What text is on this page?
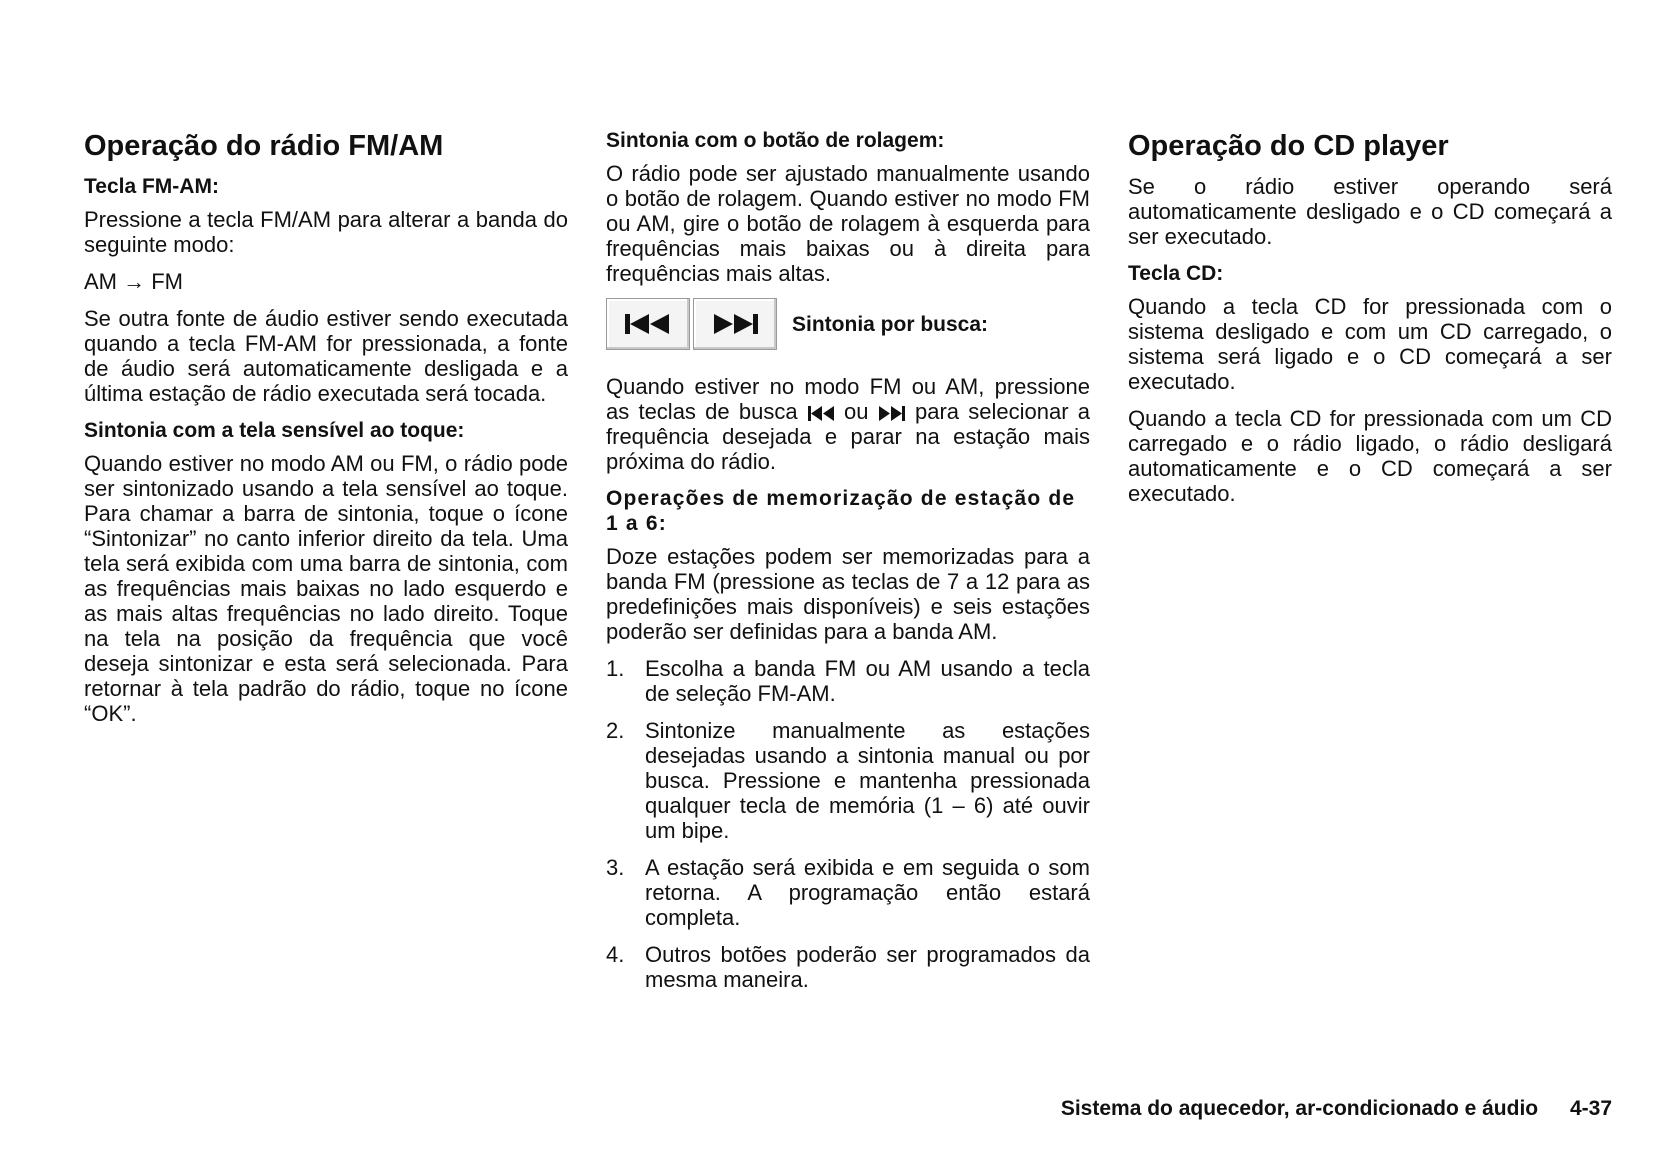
Operação do rádio FM/AM
Tecla FM-AM:

Pressione a tecla FM/AM para alterar a banda do seguinte modo:

AM → FM

Se outra fonte de áudio estiver sendo executada quando a tecla FM-AM for pressionada, a fonte de áudio será automaticamente desligada e a última estação de rádio executada será tocada.

Sintonia com a tela sensível ao toque:

Quando estiver no modo AM ou FM, o rádio pode ser sintonizado usando a tela sensível ao toque. Para chamar a barra de sintonia, toque o ícone “Sintonizar” no canto inferior direito da tela. Uma tela será exibida com uma barra de sintonia, com as frequências mais baixas no lado esquerdo e as mais altas frequências no lado direito. Toque na tela na posição da frequência que você deseja sintonizar e esta será selecionada. Para retornar à tela padrão do rádio, toque no ícone “OK”.

Sintonia com o botão de rolagem:

O rádio pode ser ajustado manualmente usando o botão de rolagem. Quando estiver no modo FM ou AM, gire o botão de rolagem à esquerda para frequências mais baixas ou à direita para frequências mais altas.

Sintonia por busca:

Quando estiver no modo FM ou AM, pressione as teclas de busca ou para selecionar a frequência desejada e parar na estação mais próxima do rádio.

Operações de memorização de estação de 1 a 6:

Doze estações podem ser memorizadas para a banda FM (pressione as teclas de 7 a 12 para as predefinições mais disponíveis) e seis estações poderão ser definidas para a banda AM.

1. Escolha a banda FM ou AM usando a tecla de seleção FM-AM.
2. Sintonize manualmente as estações desejadas usando a sintonia manual ou por busca. Pressione e mantenha pressionada qualquer tecla de memória (1 – 6) até ouvir um bipe.
3. A estação será exibida e em seguida o som retorna. A programação então estará completa.
4. Outros botões poderão ser programados da mesma maneira.
Operação do CD player

Se o rádio estiver operando será automaticamente desligado e o CD começará a ser executado.

Tecla CD:

Quando a tecla CD for pressionada com o sistema desligado e com um CD carregado, o sistema será ligado e o CD começará a ser executado.

Quando a tecla CD for pressionada com um CD carregado e o rádio ligado, o rádio desligará automaticamente e o CD começará a ser executado.

Sistema do aquecedor, ar-condicionado e áudio 4-37
